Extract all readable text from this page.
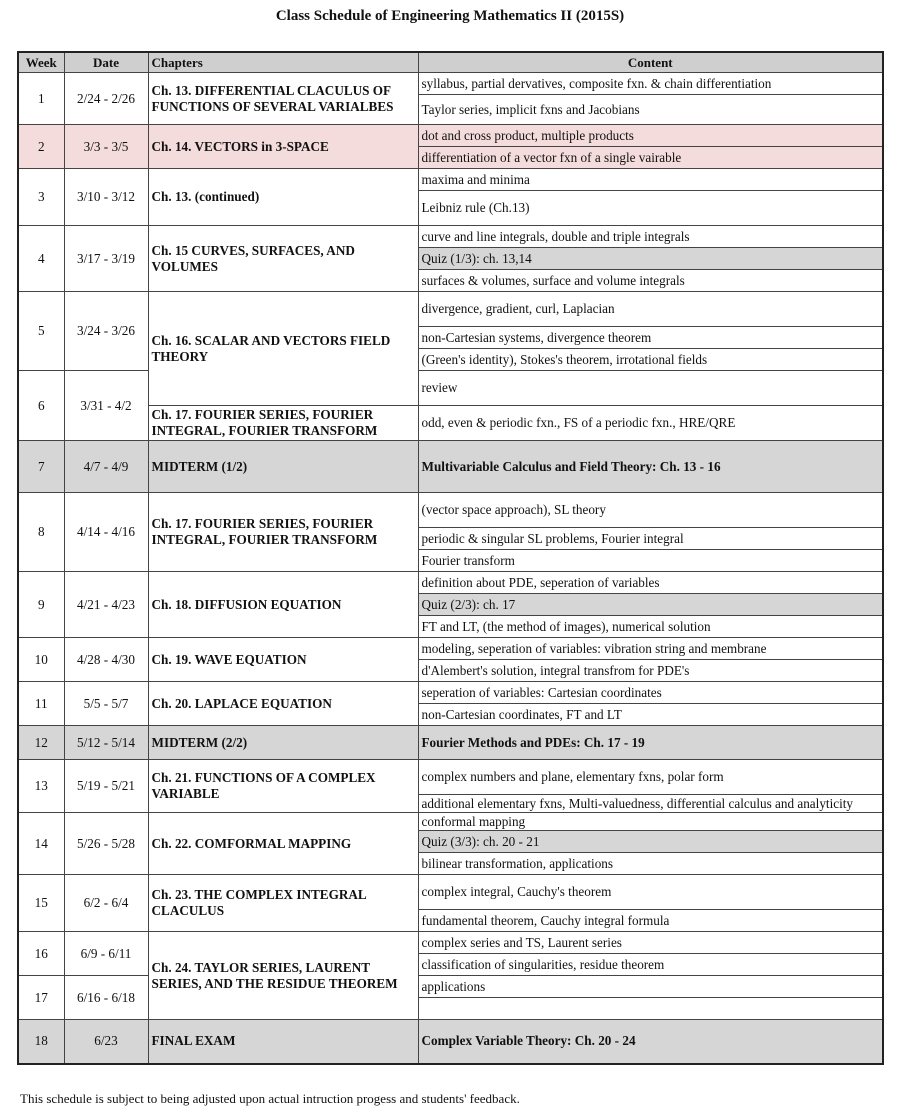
Class Schedule of Engineering Mathematics II (2015S)
Week	Date	Chapters	Content
1	2/24 - 2/26	Ch. 13. DIFFERENTIAL CLACULUS OF FUNCTIONS OF SEVERAL VARIALBES	syllabus, partial dervatives, composite fxn. & chain differentiation
			Taylor series, implicit fxns and Jacobians
2	3/3 - 3/5	Ch. 14. VECTORS in 3-SPACE	dot and cross product, multiple products
			differentiation of a vector fxn of a single vairable
3	3/10 - 3/12	Ch. 13. (continued)	maxima and minima
			Leibniz rule (Ch.13)
4	3/17 - 3/19	Ch. 15 CURVES, SURFACES, AND VOLUMES	curve and line integrals, double and triple integrals
			Quiz (1/3): ch. 13,14
			surfaces & volumes, surface and volume integrals
5	3/24 - 3/26	Ch. 16. SCALAR AND VECTORS FIELD THEORY	divergence, gradient, curl, Laplacian
			non-Cartesian systems, divergence theorem
			(Green's identity), Stokes's theorem, irrotational fields
6	3/31 - 4/2		review
		Ch. 17. FOURIER SERIES, FOURIER INTEGRAL, FOURIER TRANSFORM	odd, even & periodic fxn., FS of a periodic fxn., HRE/QRE
7	4/7 - 4/9	MIDTERM (1/2)	Multivariable Calculus and Field Theory: Ch. 13 - 16
8	4/14 - 4/16	Ch. 17. FOURIER SERIES, FOURIER INTEGRAL, FOURIER TRANSFORM	(vector space approach), SL theory
			periodic & singular SL problems, Fourier integral
			Fourier transform
9	4/21 - 4/23	Ch. 18. DIFFUSION EQUATION	definition about PDE, seperation of variables
			Quiz (2/3): ch. 17
			FT and LT, (the method of images), numerical solution
10	4/28 - 4/30	Ch. 19. WAVE EQUATION	modeling, seperation of variables: vibration string and membrane
			d'Alembert's solution, integral transfrom for PDE's
11	5/5 - 5/7	Ch. 20. LAPLACE EQUATION	seperation of variables: Cartesian coordinates
			non-Cartesian coordinates, FT and LT
12	5/12 - 5/14	MIDTERM (2/2)	Fourier Methods and PDEs: Ch. 17 - 19
13	5/19 - 5/21	Ch. 21. FUNCTIONS OF A COMPLEX VARIABLE	complex numbers and plane, elementary fxns, polar form
			additional elementary fxns, Multi-valuedness, differential calculus and analyticity
14	5/26 - 5/28	Ch. 22. COMFORMAL MAPPING	conformal mapping
			Quiz (3/3): ch. 20 - 21
			bilinear transformation, applications
15	6/2 - 6/4	Ch. 23. THE COMPLEX INTEGRAL CLACULUS	complex integral, Cauchy's theorem
			fundamental theorem, Cauchy integral formula
16	6/9 - 6/11	Ch. 24. TAYLOR SERIES, LAURENT SERIES, AND THE RESIDUE THEOREM	complex series and TS, Laurent series
			classification of singularities, residue theorem
17	6/16 - 6/18		applications

18	6/23	FINAL EXAM	Complex Variable Theory: Ch. 20 - 24
This schedule is subject to being adjusted upon actual intruction progess and students' feedback.
